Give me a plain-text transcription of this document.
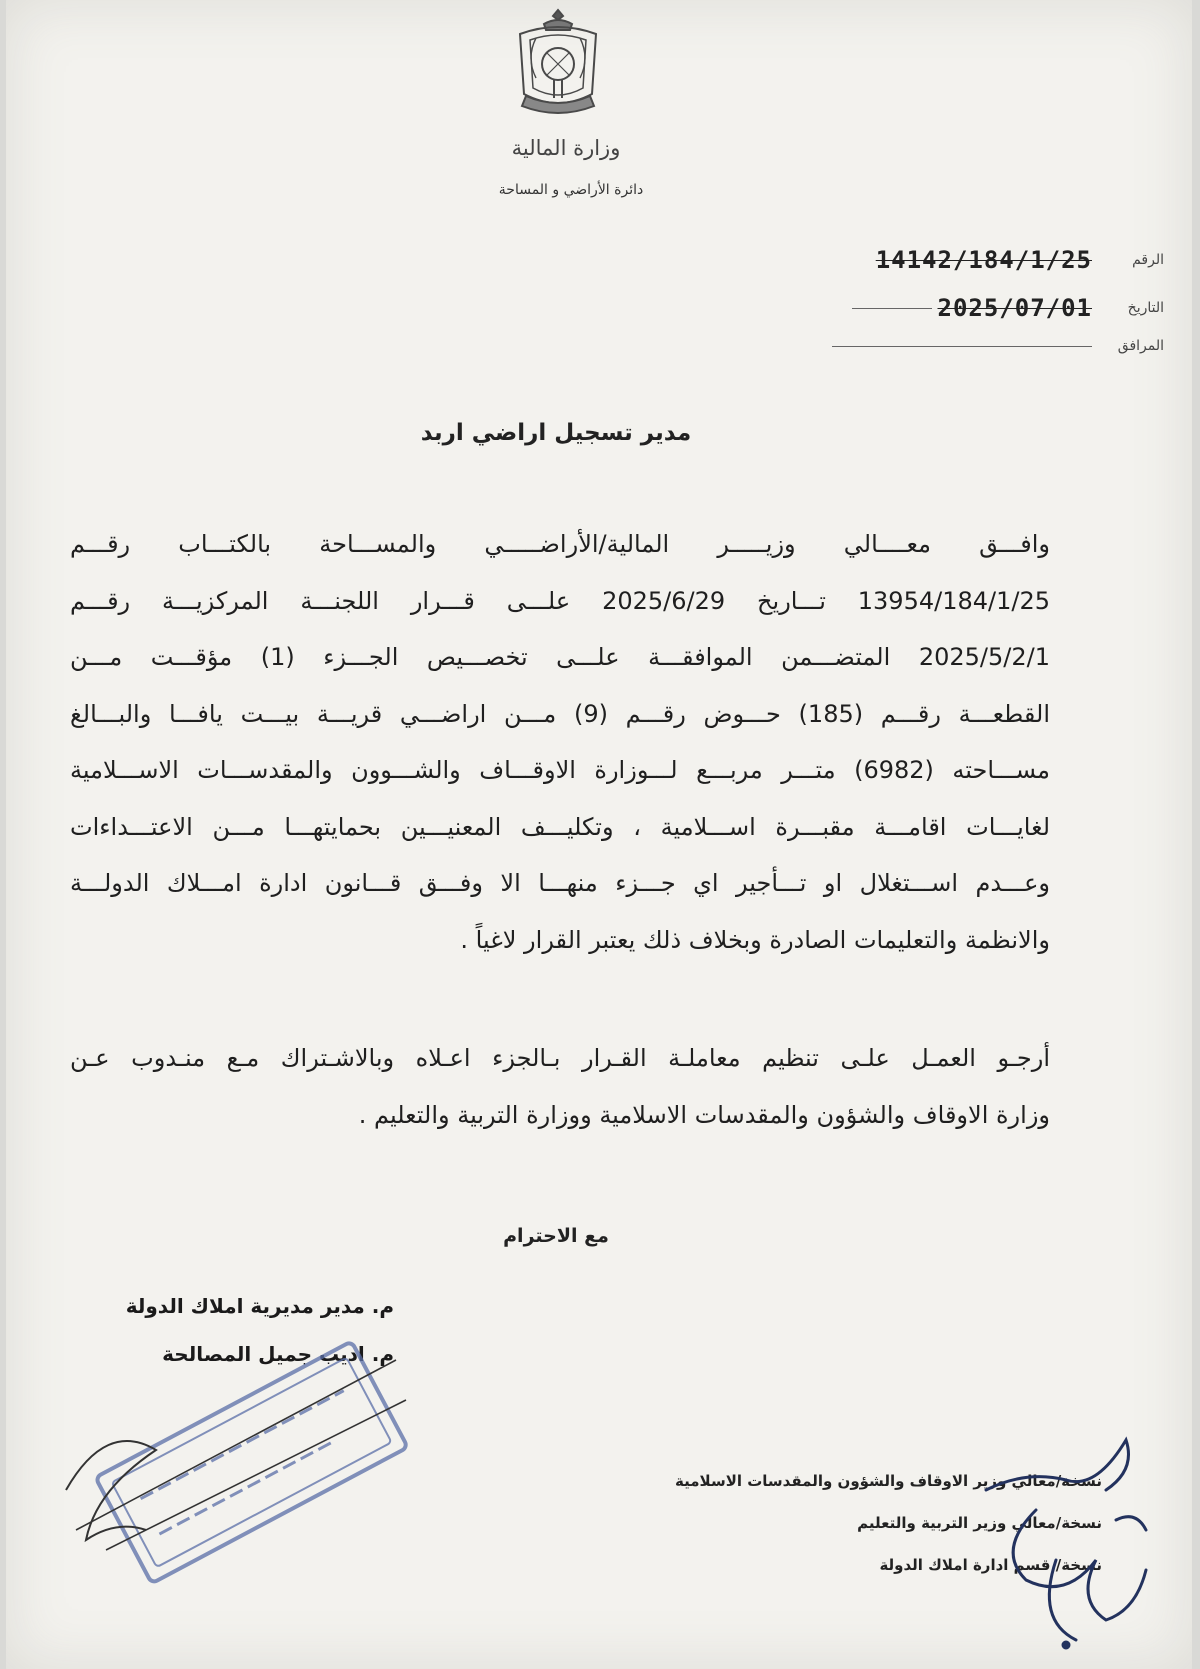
وزارة المالية
دائرة الأراضي و المساحة
الرقم
14142/184/1/25
التاريخ
2025/07/01
المرافق
مدير تسجيل اراضي اربد
وافـــق معــــالي وزيـــــر المالية/الأراضـــــي والمســـاحة بالكتـــاب رقـــم
13954/184/1/25 تـــاريخ 2025/6/29 علـــى قـــرار اللجنـــة المركزيـــة رقـــم
2025/5/2/1 المتضـــمن الموافقـــة علـــى تخصـــيص الجـــزء (1) مؤقـــت مـــن
القطعـــة رقـــم (185) حـــوض رقـــم (9) مـــن اراضـــي قريـــة بيـــت يافـــا والبـــالغ
مســـاحته (6982) متـــر مربـــع لـــوزارة الاوقـــاف والشـــوون والمقدســـات الاســـلامية
لغايـــات اقامـــة مقبـــرة اســـلامية ، وتكليـــف المعنيـــين بحمايتهـــا مـــن الاعتـــداءات
وعـــدم اســـتغلال او تـــأجير اي جـــزء منهـــا الا وفـــق قـــانون ادارة امـــلاك الدولـــة
والانظمة والتعليمات الصادرة وبخلاف ذلك يعتبر القرار لاغياً .
أرجـو العمـل علـى تنظيم معاملـة القـرار بـالجزء اعـلاه وبالاشـتراك مـع منـدوب عـن
وزارة الاوقاف والشؤون والمقدسات الاسلامية ووزارة التربية والتعليم .
مع الاحترام
م. مدير مديرية املاك الدولة
م. اديب جميل المصالحة
نسخة/معالي وزير الاوقاف والشؤون والمقدسات الاسلامية
نسخة/معالي وزير التربية والتعليم
نسخة/ قسم ادارة املاك الدولة
